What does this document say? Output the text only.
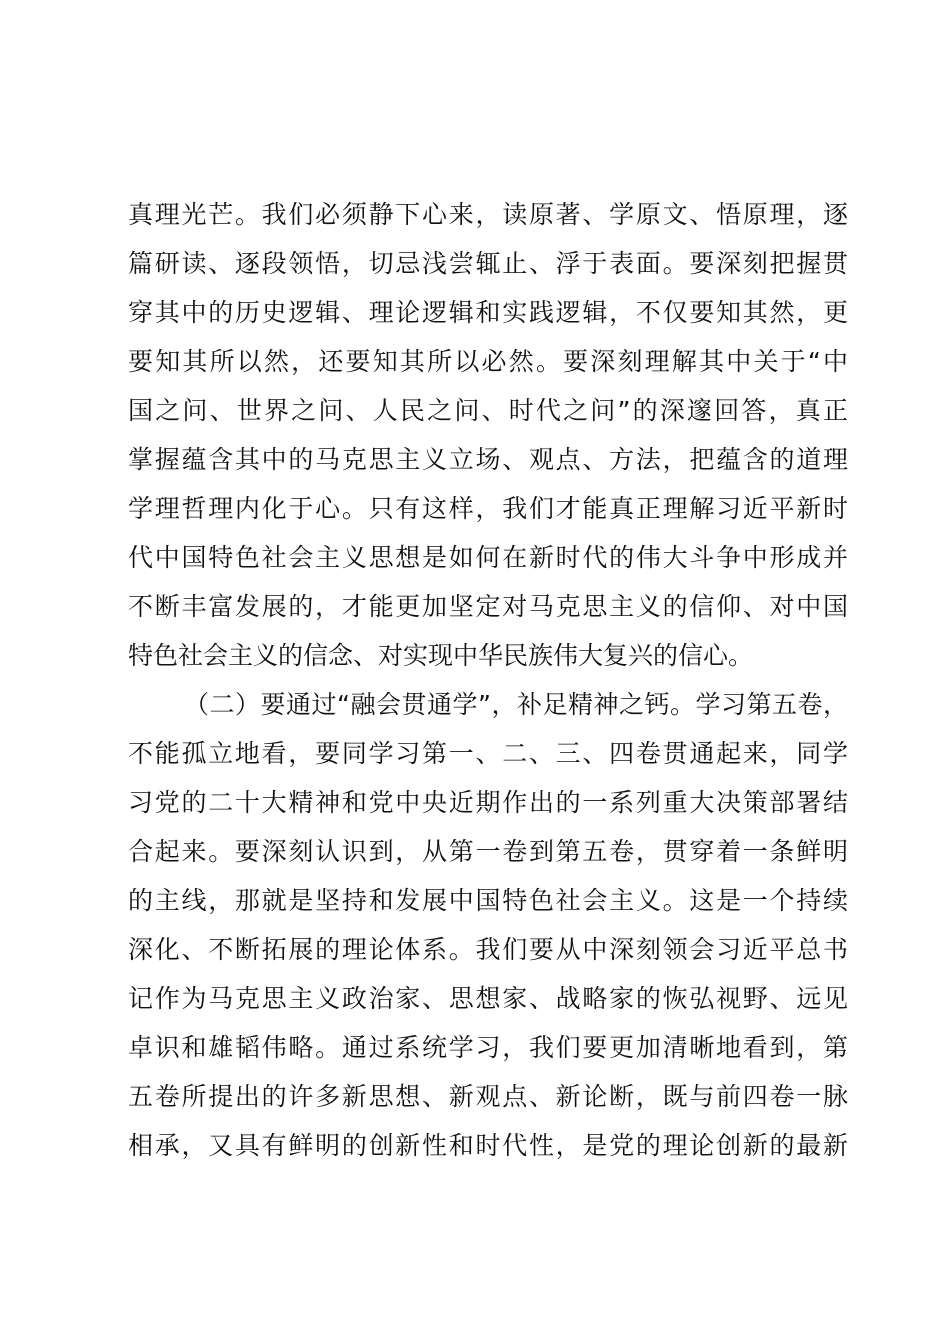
真理光芒。我们必须静下心来，读原著、学原文、悟原理，逐
篇研读、逐段领悟，切忌浅尝辄止、浮于表面。要深刻把握贯
穿其中的历史逻辑、理论逻辑和实践逻辑，不仅要知其然，更
要知其所以然，还要知其所以必然。要深刻理解其中关于“中
国之问、世界之问、人民之问、时代之问”的深邃回答，真正
掌握蕴含其中的马克思主义立场、观点、方法，把蕴含的道理
学理哲理内化于心。只有这样，我们才能真正理解习近平新时
代中国特色社会主义思想是如何在新时代的伟大斗争中形成并
不断丰富发展的，才能更加坚定对马克思主义的信仰、对中国
特色社会主义的信念、对实现中华民族伟大复兴的信心。
（二）要通过“融会贯通学”，补足精神之钙。学习第五卷，
不能孤立地看，要同学习第一、二、三、四卷贯通起来，同学
习党的二十大精神和党中央近期作出的一系列重大决策部署结
合起来。要深刻认识到，从第一卷到第五卷，贯穿着一条鲜明
的主线，那就是坚持和发展中国特色社会主义。这是一个持续
深化、不断拓展的理论体系。我们要从中深刻领会习近平总书
记作为马克思主义政治家、思想家、战略家的恢弘视野、远见
卓识和雄韬伟略。通过系统学习，我们要更加清晰地看到，第
五卷所提出的许多新思想、新观点、新论断，既与前四卷一脉
相承，又具有鲜明的创新性和时代性，是党的理论创新的最新
